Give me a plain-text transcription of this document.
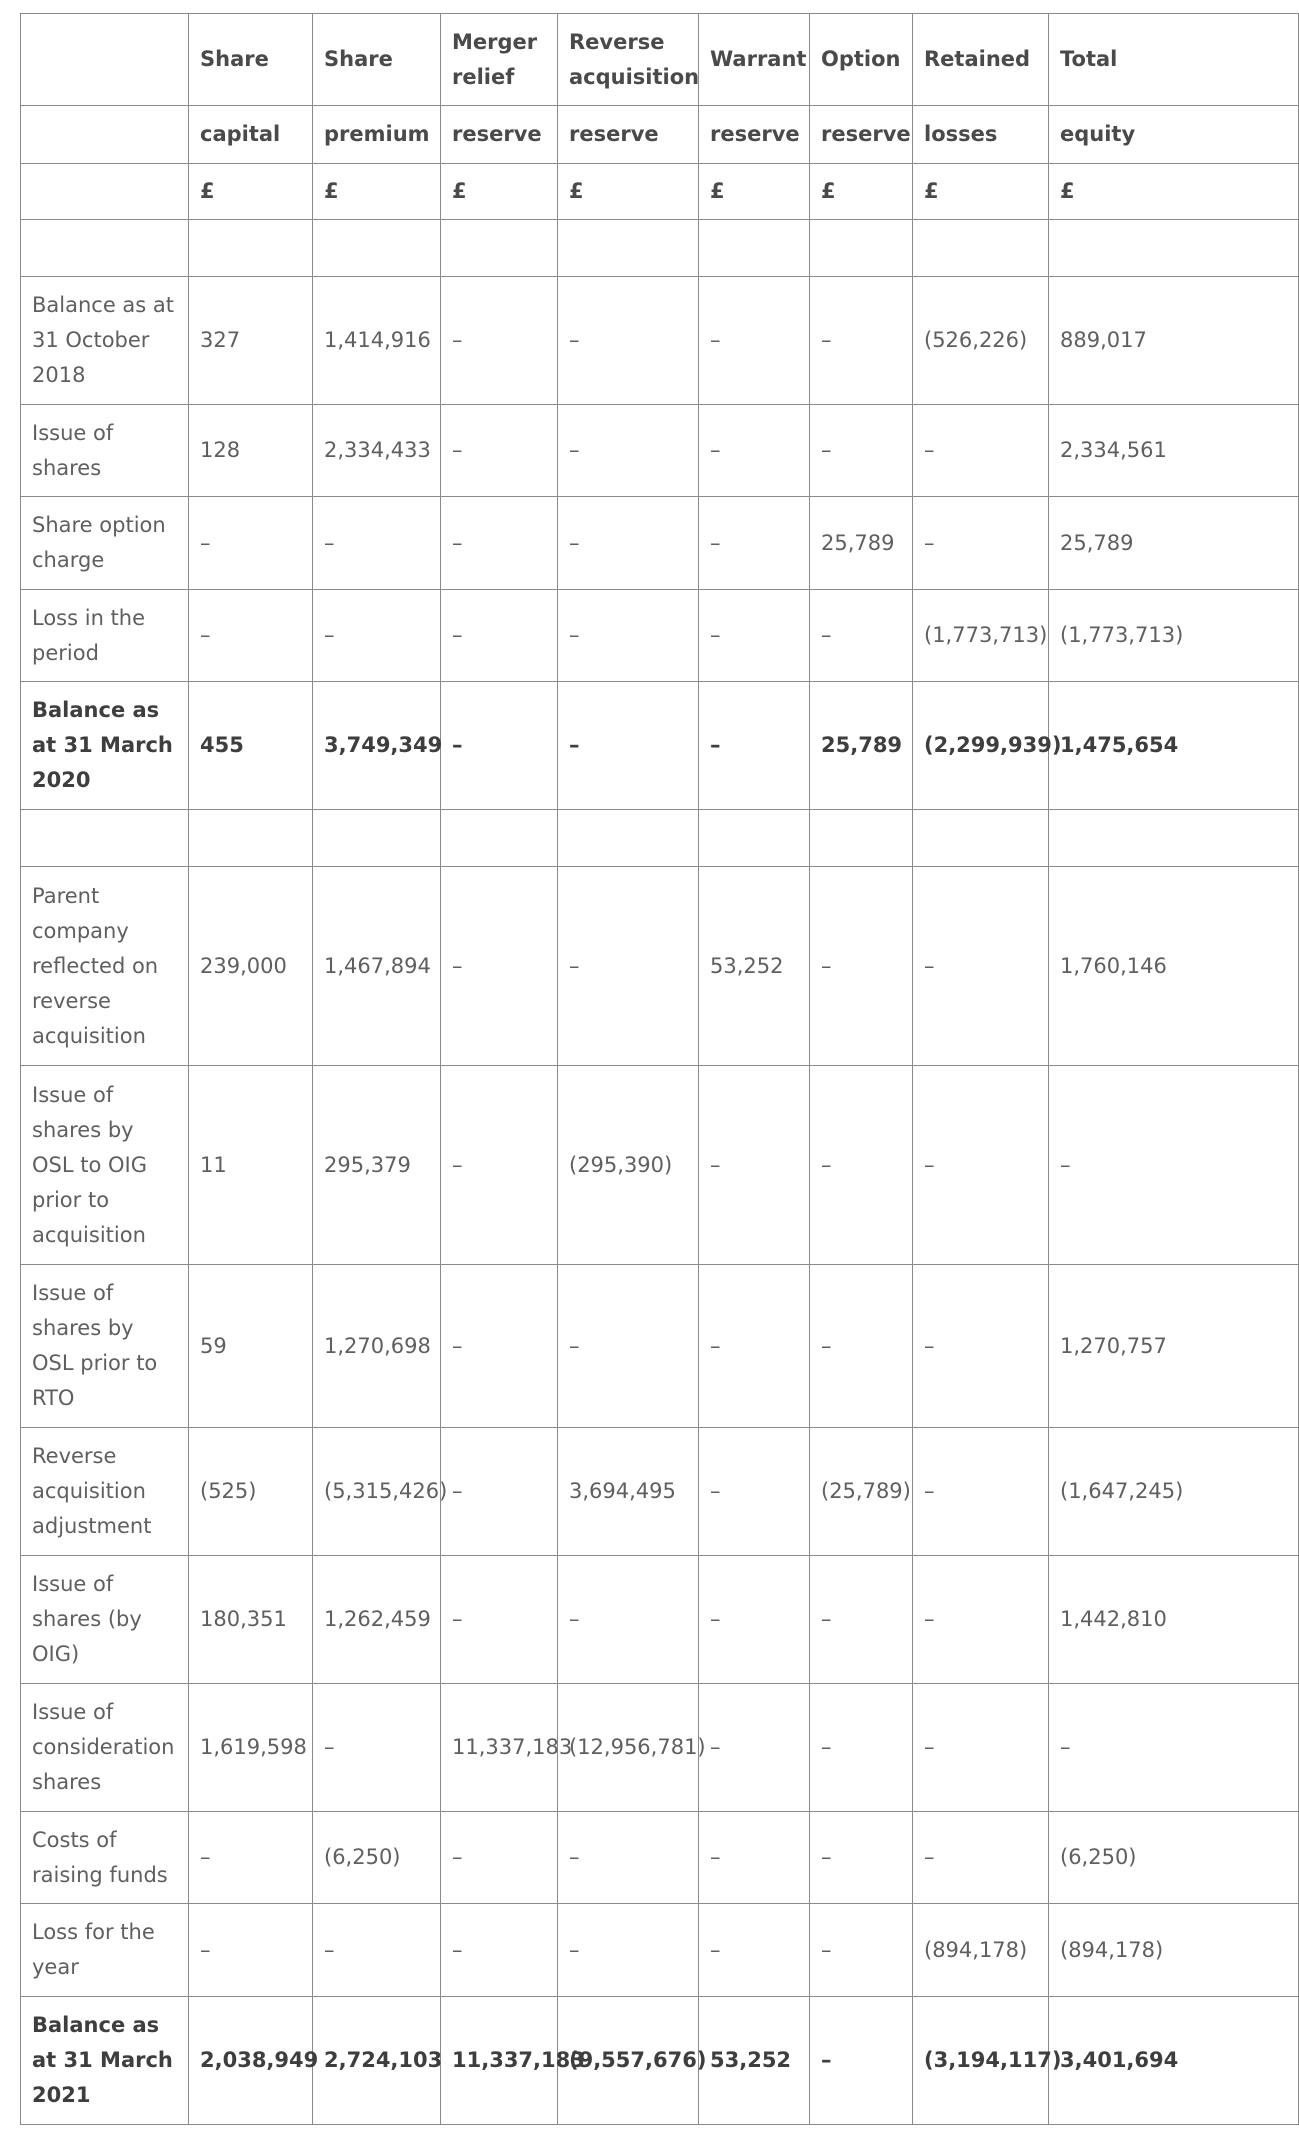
	Share	Share	Merger relief	Reverse acquisition	Warrant	Option	Retained	Total
	capital	premium	reserve	reserve	reserve	reserve	losses	equity
	£	£	£	£	£	£	£	£

Balance as at 31 October 2018	327	1,414,916	–	–	–	–	(526,226)	889,017
Issue of shares	128	2,334,433	–	–	–	–	–	2,334,561
Share option charge	–	–	–	–	–	25,789	–	25,789
Loss in the period	–	–	–	–	–	–	(1,773,713)	(1,773,713)
Balance as at 31 March 2020	455	3,749,349	–	–	–	25,789	(2,299,939)	1,475,654

Parent company reflected on reverse acquisition	239,000	1,467,894	–	–	53,252	–	–	1,760,146
Issue of shares by OSL to OIG prior to acquisition	11	295,379	–	(295,390)	–	–	–	–
Issue of shares by OSL prior to RTO	59	1,270,698	–	–	–	–	–	1,270,757
Reverse acquisition adjustment	(525)	(5,315,426)	–	3,694,495	–	(25,789)	–	(1,647,245)
Issue of shares (by OIG)	180,351	1,262,459	–	–	–	–	–	1,442,810
Issue of consideration shares	1,619,598	–	11,337,183	(12,956,781)	–	–	–	–
Costs of raising funds	–	(6,250)	–	–	–	–	–	(6,250)
Loss for the year	–	–	–	–	–	–	(894,178)	(894,178)
Balance as at 31 March 2021	2,038,949	2,724,103	11,337,183	(9,557,676)	53,252	–	(3,194,117)	3,401,694
